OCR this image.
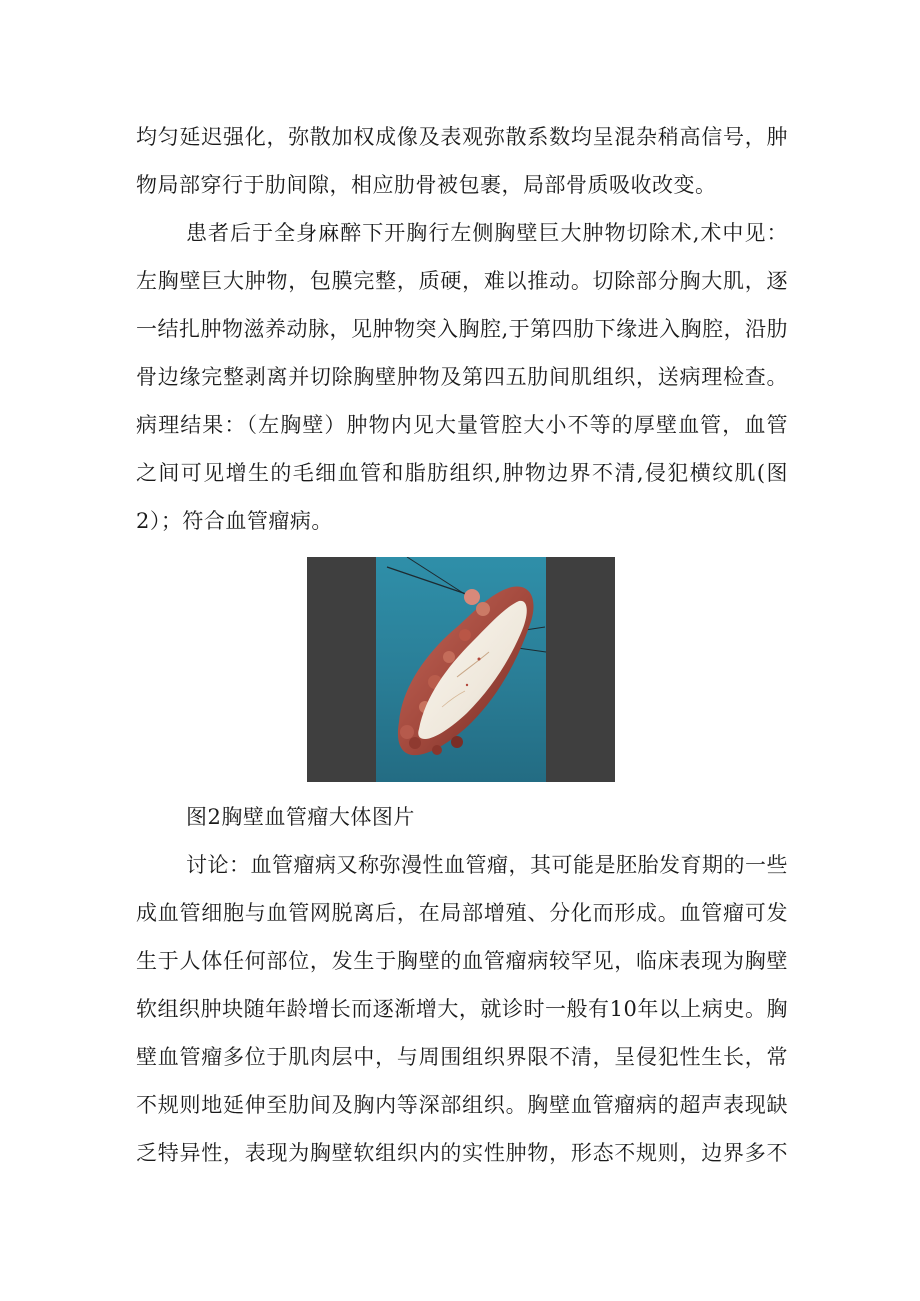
均匀延迟强化，弥散加权成像及表观弥散系数均呈混杂稍高信号，肿
物局部穿行于肋间隙，相应肋骨被包裹，局部骨质吸收改变。
患者后于全身麻醉下开胸行左侧胸壁巨大肿物切除术,术中见：
左胸壁巨大肿物，包膜完整，质硬，难以推动。切除部分胸大肌，逐
一结扎肿物滋养动脉，见肿物突入胸腔,于第四肋下缘进入胸腔，沿肋
骨边缘完整剥离并切除胸壁肿物及第四五肋间肌组织，送病理检查。
病理结果：（左胸壁）肿物内见大量管腔大小不等的厚壁血管，血管
之间可见增生的毛细血管和脂肪组织,肿物边界不清,侵犯横纹肌(图
2）；符合血管瘤病。
图2胸壁血管瘤大体图片
讨论：血管瘤病又称弥漫性血管瘤，其可能是胚胎发育期的一些
成血管细胞与血管网脱离后，在局部增殖、分化而形成。血管瘤可发
生于人体任何部位，发生于胸壁的血管瘤病较罕见，临床表现为胸壁
软组织肿块随年龄增长而逐渐增大，就诊时一般有10年以上病史。胸
壁血管瘤多位于肌肉层中，与周围组织界限不清，呈侵犯性生长，常
不规则地延伸至肋间及胸内等深部组织。胸壁血管瘤病的超声表现缺
乏特异性，表现为胸壁软组织内的实性肿物，形态不规则，边界多不
